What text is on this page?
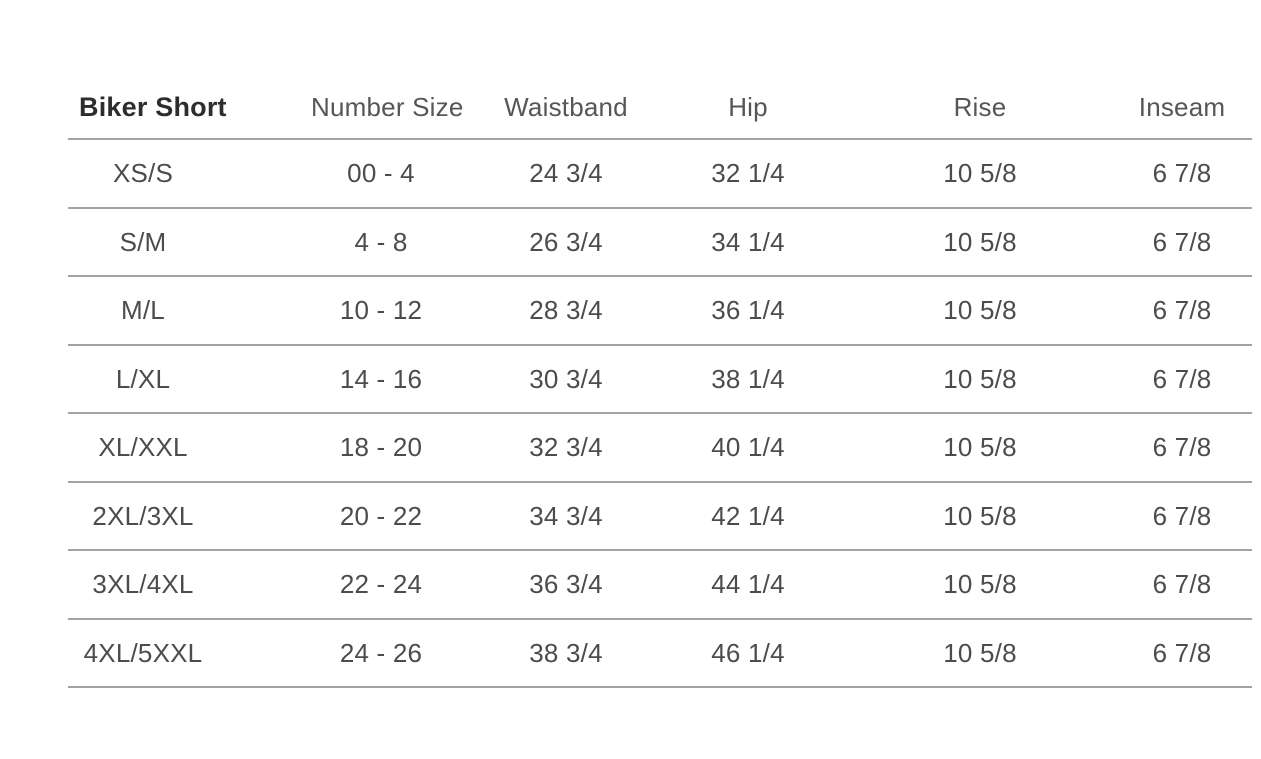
Biker Short	Number Size	Waistband	Hip	Rise	Inseam
XS/S	00 - 4	24 3/4	32 1/4	10 5/8	6 7/8
S/M	4 - 8	26 3/4	34 1/4	10 5/8	6 7/8
M/L	10 - 12	28 3/4	36 1/4	10 5/8	6 7/8
L/XL	14 - 16	30 3/4	38 1/4	10 5/8	6 7/8
XL/XXL	18 - 20	32 3/4	40 1/4	10 5/8	6 7/8
2XL/3XL	20 - 22	34 3/4	42 1/4	10 5/8	6 7/8
3XL/4XL	22 - 24	36 3/4	44 1/4	10 5/8	6 7/8
4XL/5XXL	24 - 26	38 3/4	46 1/4	10 5/8	6 7/8
